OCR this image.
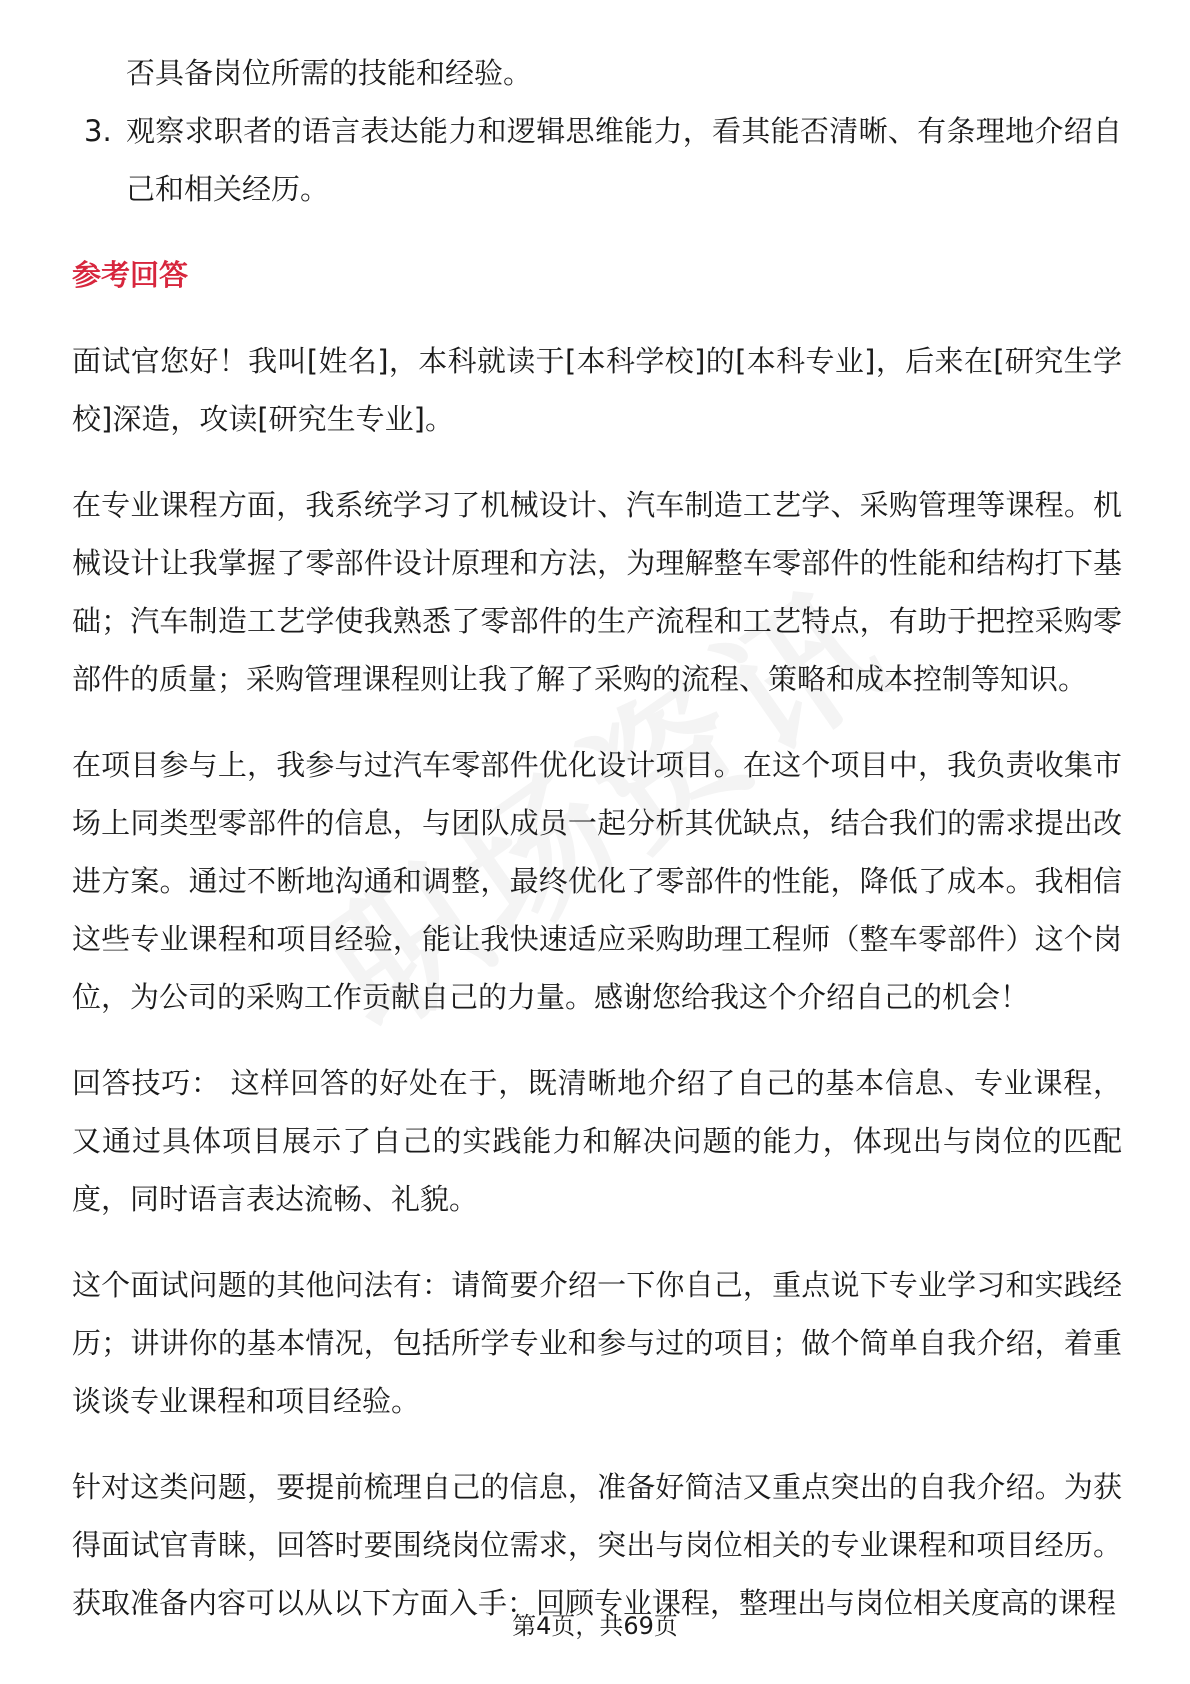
否具备岗位所需的技能和经验。

3. 观察求职者的语言表达能力和逻辑思维能力，看其能否清晰、有条理地介绍自己和相关经历。

参考回答

面试官您好！我叫[姓名]，本科就读于[本科学校]的[本科专业]，后来在[研究生学校]深造，攻读[研究生专业]。

在专业课程方面，我系统学习了机械设计、汽车制造工艺学、采购管理等课程。机械设计让我掌握了零部件设计原理和方法，为理解整车零部件的性能和结构打下基础；汽车制造工艺学使我熟悉了零部件的生产流程和工艺特点，有助于把控采购零部件的质量；采购管理课程则让我了解了采购的流程、策略和成本控制等知识。

在项目参与上，我参与过汽车零部件优化设计项目。在这个项目中，我负责收集市场上同类型零部件的信息，与团队成员一起分析其优缺点，结合我们的需求提出改进方案。通过不断地沟通和调整，最终优化了零部件的性能，降低了成本。我相信这些专业课程和项目经验，能让我快速适应采购助理工程师（整车零部件）这个岗位，为公司的采购工作贡献自己的力量。感谢您给我这个介绍自己的机会！

回答技巧： 这样回答的好处在于，既清晰地介绍了自己的基本信息、专业课程，又通过具体项目展示了自己的实践能力和解决问题的能力，体现出与岗位的匹配度，同时语言表达流畅、礼貌。

这个面试问题的其他问法有：请简要介绍一下你自己，重点说下专业学习和实践经历；讲讲你的基本情况，包括所学专业和参与过的项目；做个简单自我介绍，着重谈谈专业课程和项目经验。

针对这类问题，要提前梳理自己的信息，准备好简洁又重点突出的自我介绍。为获得面试官青睐，回答时要围绕岗位需求，突出与岗位相关的专业课程和项目经历。获取准备内容可以从以下方面入手：回顾专业课程，整理出与岗位相关度高的课程

第4页，共69页
